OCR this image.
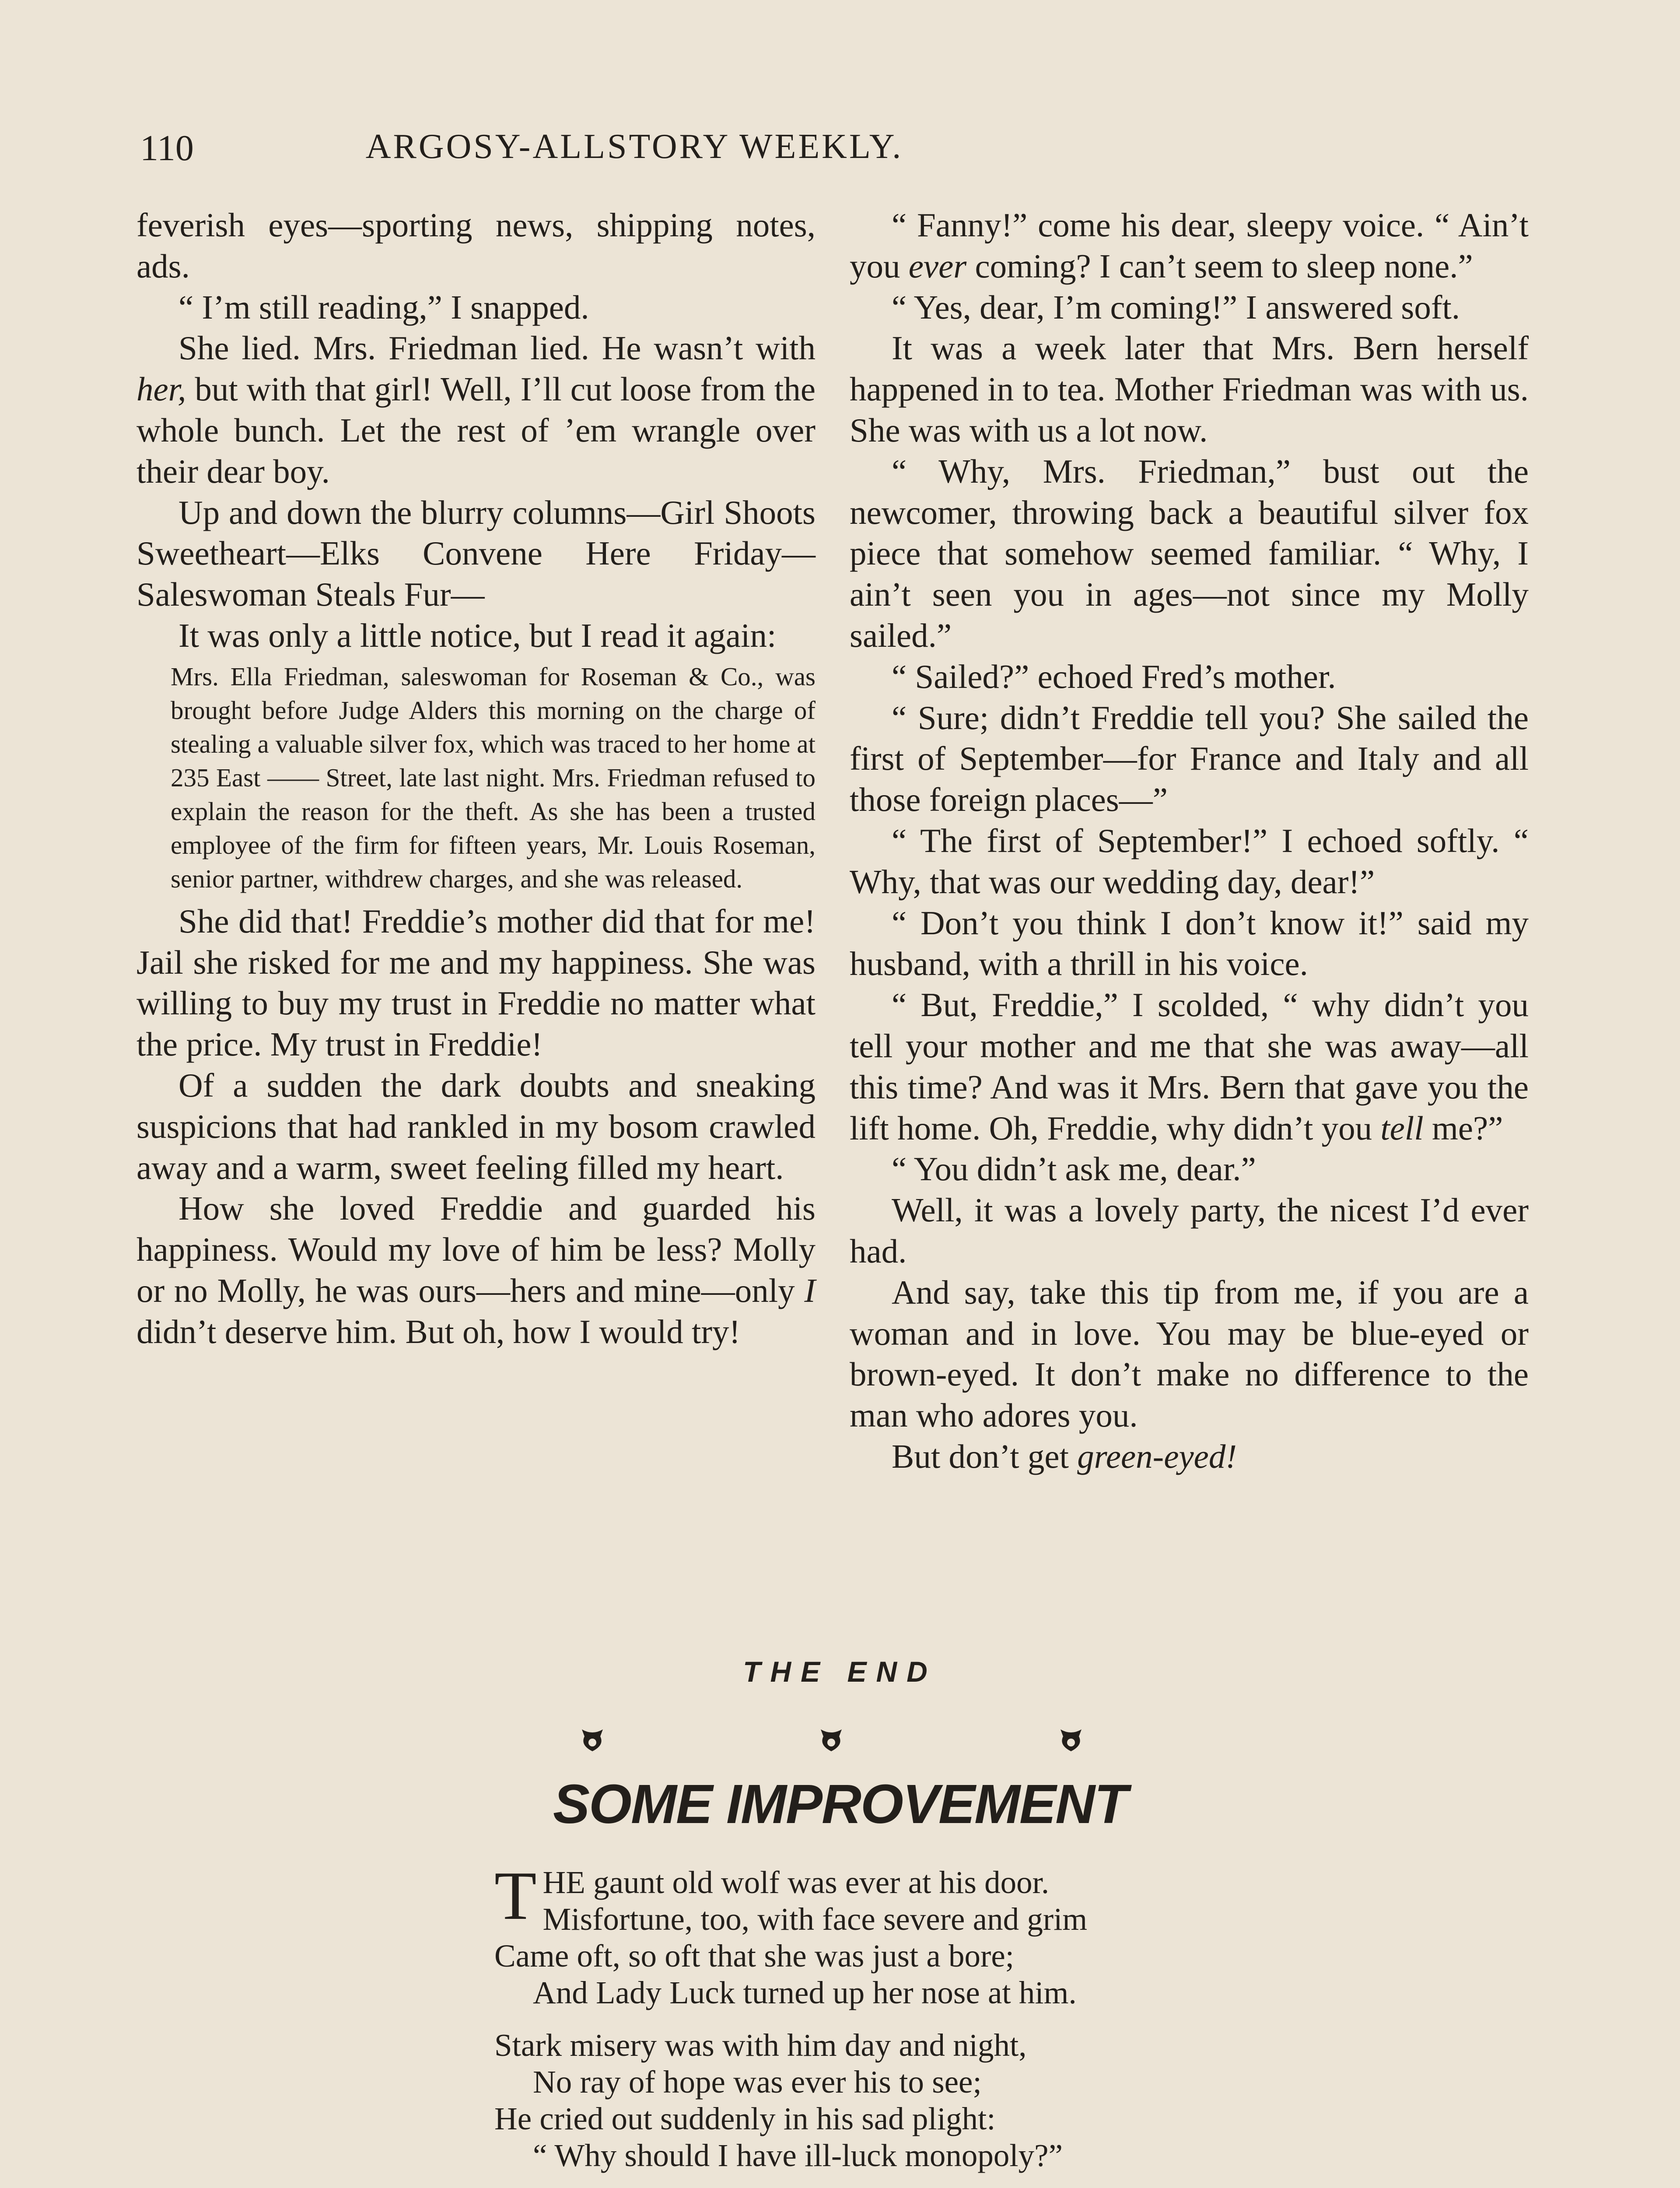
110	ARGOSY-ALLSTORY WEEKLY.

feverish eyes—sporting news, shipping notes, ads.

“ I’m still reading,” I snapped.

She lied. Mrs. Friedman lied. He wasn’t with her, but with that girl! Well, I’ll cut loose from the whole bunch. Let the rest of ’em wrangle over their dear boy.

Up and down the blurry columns—Girl Shoots Sweetheart—Elks Convene Here Friday—Saleswoman Steals Fur—

It was only a little notice, but I read it again:

Mrs. Ella Friedman, saleswoman for Roseman & Co., was brought before Judge Alders this morning on the charge of stealing a valuable silver fox, which was traced to her home at 235 East —— Street, late last night. Mrs. Friedman refused to explain the reason for the theft. As she has been a trusted employee of the firm for fifteen years, Mr. Louis Roseman, senior partner, withdrew charges, and she was released.

She did that! Freddie’s mother did that for me! Jail she risked for me and my happiness. She was willing to buy my trust in Freddie no matter what the price. My trust in Freddie!

Of a sudden the dark doubts and sneaking suspicions that had rankled in my bosom crawled away and a warm, sweet feeling filled my heart.

How she loved Freddie and guarded his happiness. Would my love of him be less? Molly or no Molly, he was ours—hers and mine—only I didn’t deserve him. But oh, how I would try!

“ Fanny!” come his dear, sleepy voice. “ Ain’t you ever coming? I can’t seem to sleep none.”

“ Yes, dear, I’m coming!” I answered soft.

It was a week later that Mrs. Bern herself happened in to tea. Mother Friedman was with us. She was with us a lot now.

“ Why, Mrs. Friedman,” bust out the newcomer, throwing back a beautiful silver fox piece that somehow seemed familiar. “ Why, I ain’t seen you in ages—not since my Molly sailed.”

“ Sailed?” echoed Fred’s mother.

“ Sure; didn’t Freddie tell you? She sailed the first of September—for France and Italy and all those foreign places—”

“ The first of September!” I echoed softly. “ Why, that was our wedding day, dear!”

“ Don’t you think I don’t know it!” said my husband, with a thrill in his voice.

“ But, Freddie,” I scolded, “ why didn’t you tell your mother and me that she was away—all this time? And was it Mrs. Bern that gave you the lift home. Oh, Freddie, why didn’t you tell me?”

“ You didn’t ask me, dear.”

Well, it was a lovely party, the nicest I’d ever had.

And say, take this tip from me, if you are a woman and in love. You may be blue-eyed or brown-eyed. It don’t make no difference to the man who adores you.

But don’t get green-eyed!

THE END
SOME IMPROVEMENT
T HE gaunt old wolf was ever at his door.
Misfortune, too, with face severe and grim
Came oft, so oft that she was just a bore;
And Lady Luck turned up her nose at him.
Stark misery was with him day and night,
No ray of hope was ever his to see;
He cried out suddenly in his sad plight:
“ Why should I have ill-luck monopoly?”
